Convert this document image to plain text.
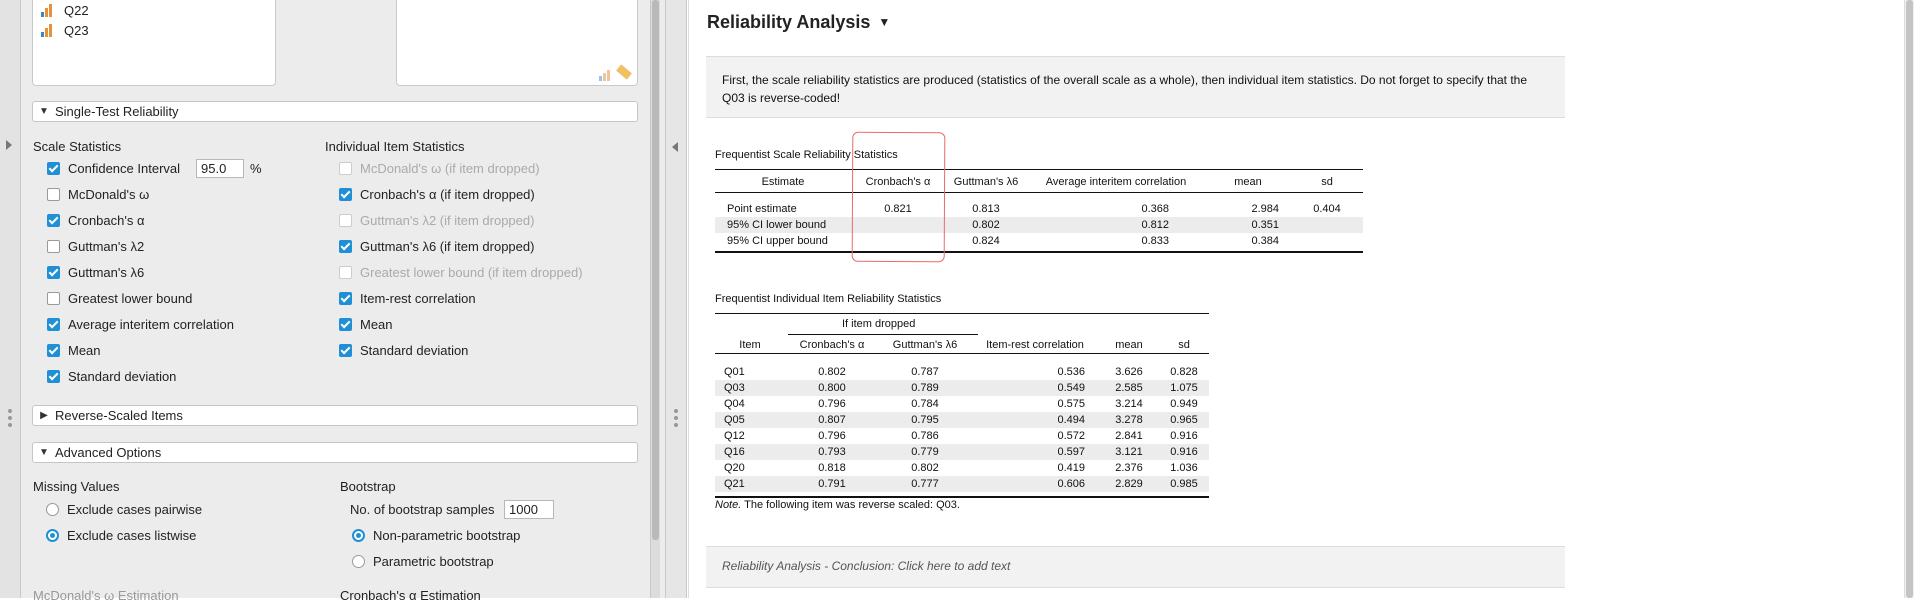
Q22
Q23
▼ Single-Test Reliability
Scale Statistics
Confidence Interval	95.0	%
McDonald's ω
Cronbach's α
Guttman's λ2
Guttman's λ6
Greatest lower bound
Average interitem correlation
Mean
Standard deviation
Individual Item Statistics
McDonald's ω (if item dropped)
Cronbach's α (if item dropped)
Guttman's λ2 (if item dropped)
Guttman's λ6 (if item dropped)
Greatest lower bound (if item dropped)
Item-rest correlation
Mean
Standard deviation
▶ Reverse-Scaled Items
▼ Advanced Options
Missing Values
Exclude cases pairwise
Exclude cases listwise
Bootstrap
No. of bootstrap samples	1000
Non-parametric bootstrap
Parametric bootstrap
McDonald's ω Estimation	Cronbach's α Estimation
Reliability Analysis ▼
First, the scale reliability statistics are produced (statistics of the overall scale as a whole), then individual item statistics. Do not forget to specify that the Q03 is reverse-coded!
Frequentist Scale Reliability Statistics
Estimate	Cronbach's α	Guttman's λ6	Average interitem correlation	mean	sd

Point estimate	0.821	0.813	0.368	2.984	0.404
95% CI lower bound		0.802	0.812	0.351	
95% CI upper bound		0.824	0.833	0.384	
Frequentist Individual Item Reliability Statistics
If item dropped
Item	Cronbach's α	Guttman's λ6	Item-rest correlation	mean	sd

Q01	0.802	0.787	0.536	3.626	0.828
Q03	0.800	0.789	0.549	2.585	1.075
Q04	0.796	0.784	0.575	3.214	0.949
Q05	0.807	0.795	0.494	3.278	0.965
Q12	0.796	0.786	0.572	2.841	0.916
Q16	0.793	0.779	0.597	3.121	0.916
Q20	0.818	0.802	0.419	2.376	1.036
Q21	0.791	0.777	0.606	2.829	0.985
Note. The following item was reverse scaled: Q03.
Reliability Analysis - Conclusion: Click here to add text
